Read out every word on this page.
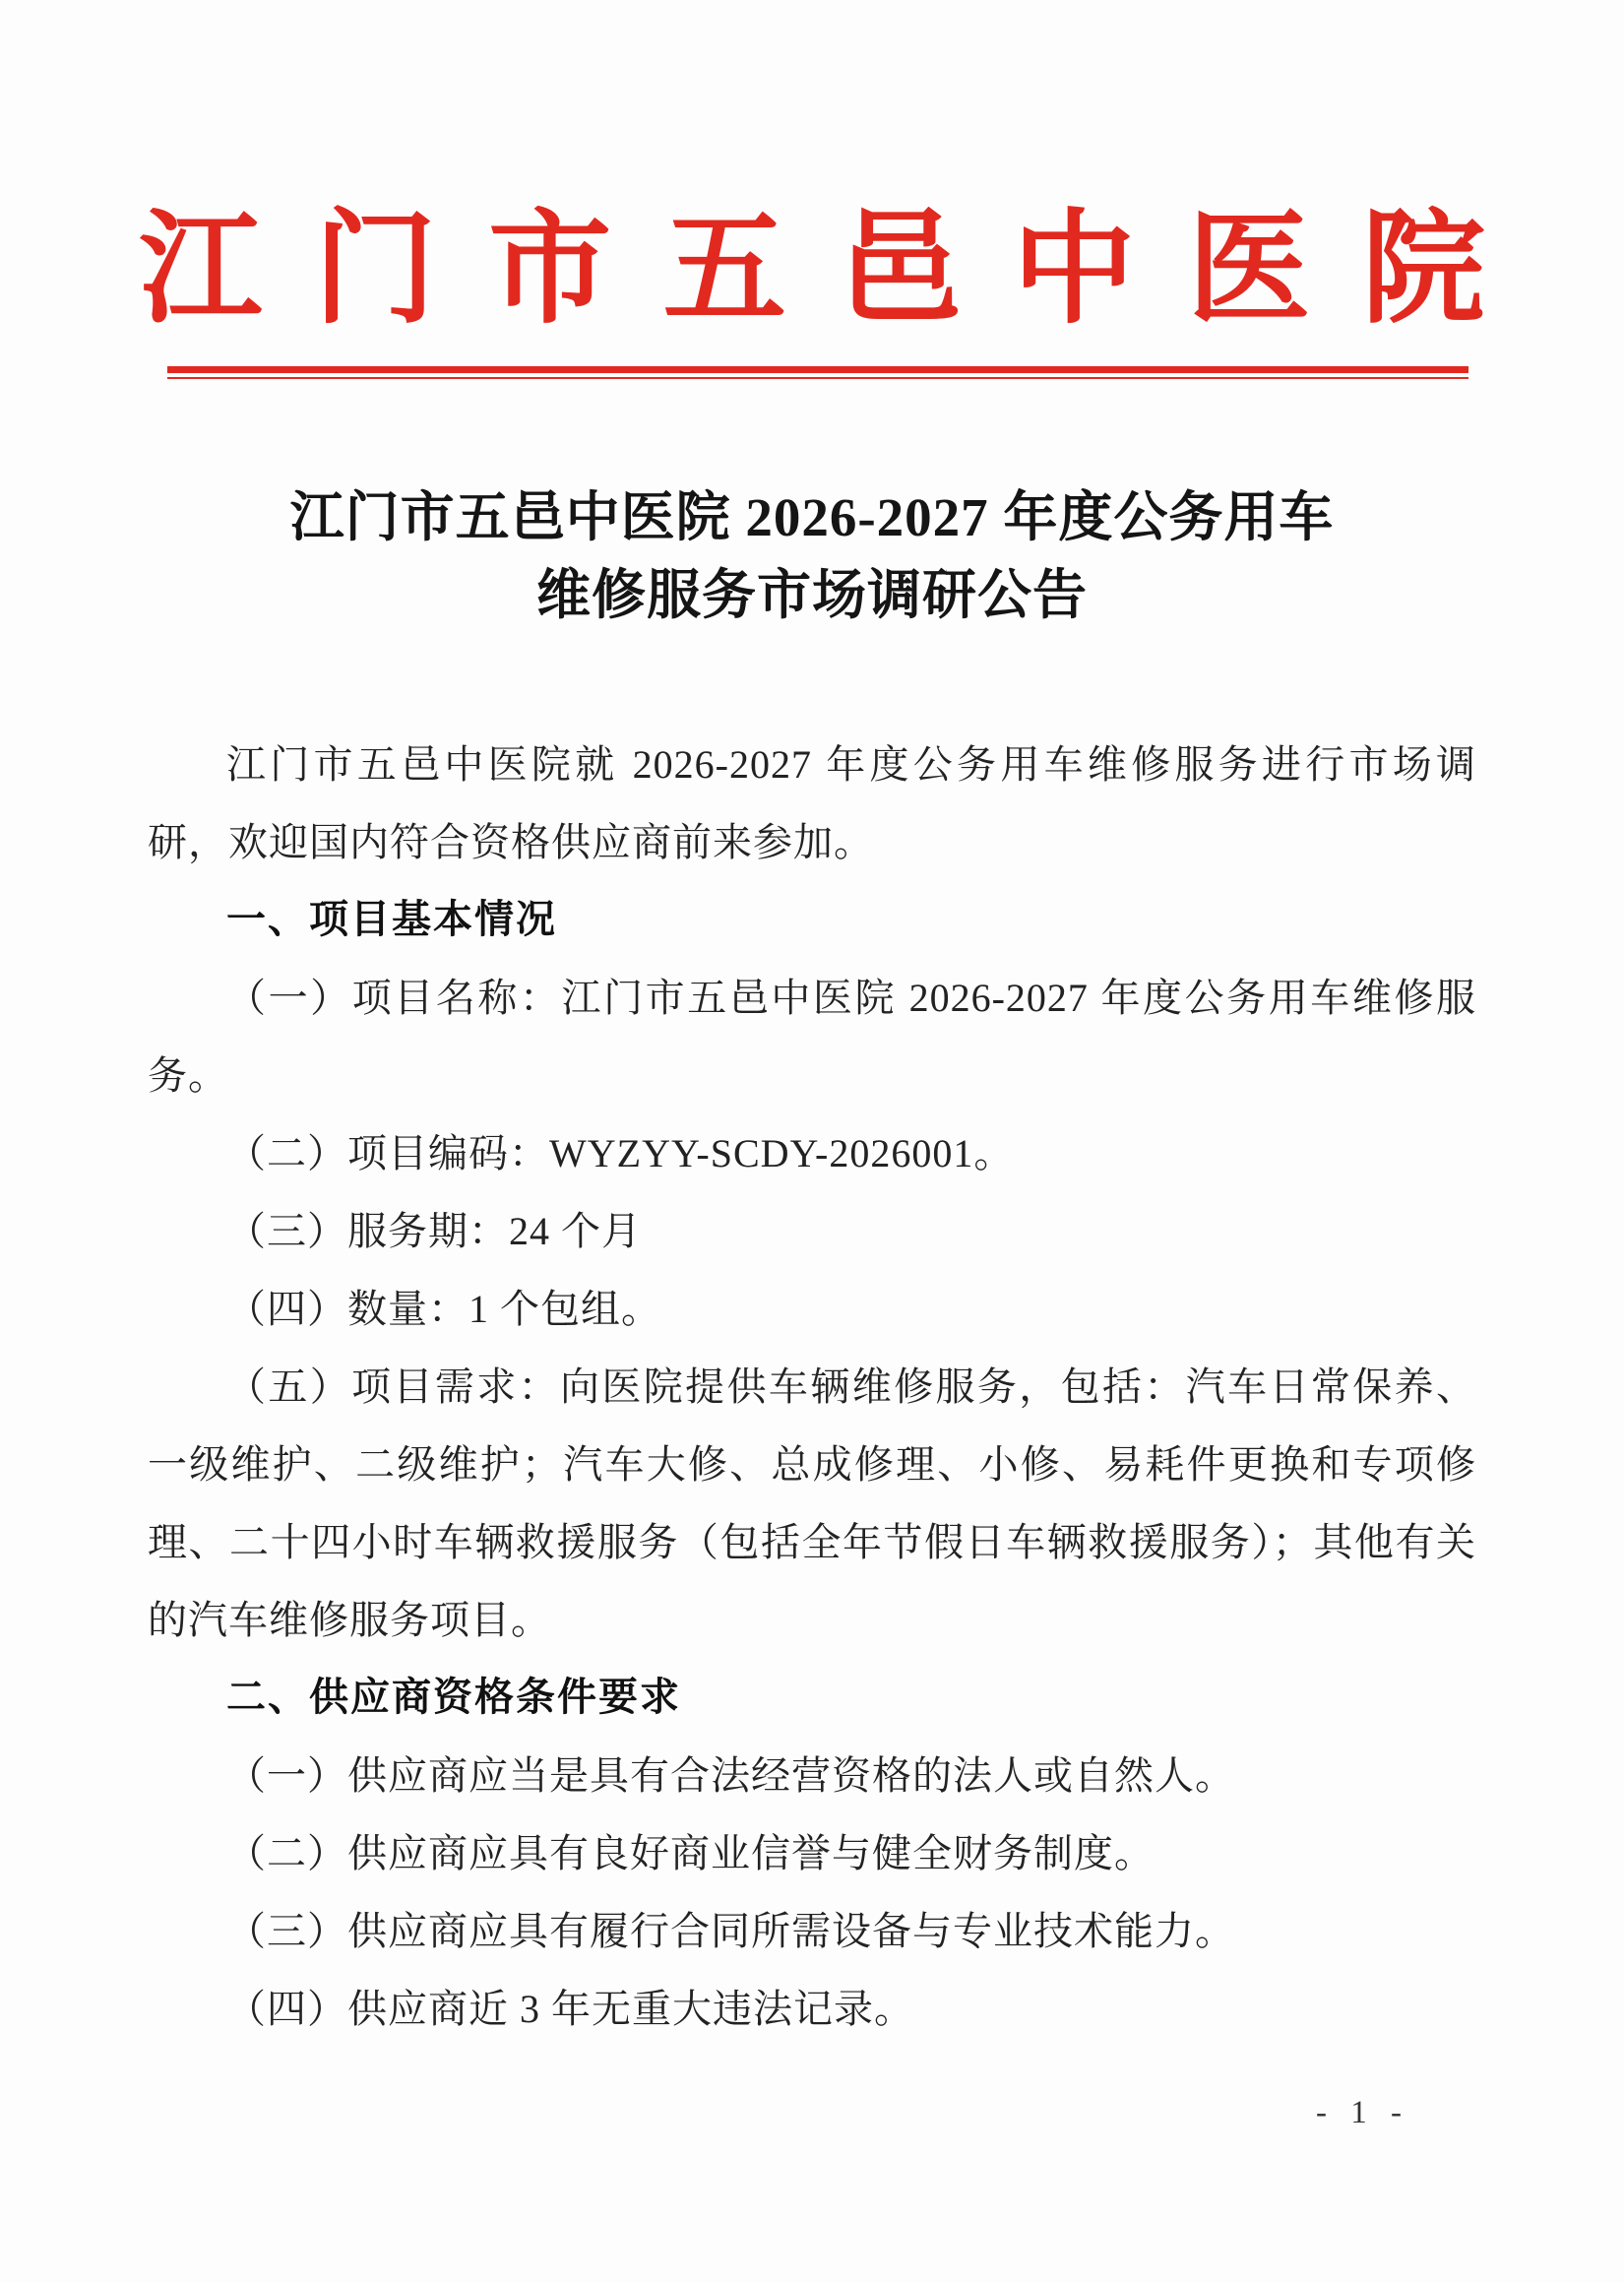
江门市五邑中医院
江门市五邑中医院 2026-2027 年度公务用车
维修服务市场调研公告

江门市五邑中医院就 2026-2027 年度公务用车维修服务进行市场调研，欢迎国内符合资格供应商前来参加。

一、项目基本情况

（一）项目名称：江门市五邑中医院 2026-2027 年度公务用车维修服务。

（二）项目编码：WYZYY-SCDY-2026001。

（三）服务期：24 个月

（四）数量：1 个包组。

（五）项目需求：向医院提供车辆维修服务，包括：汽车日常保养、一级维护、二级维护；汽车大修、总成修理、小修、易耗件更换和专项修理、二十四小时车辆救援服务（包括全年节假日车辆救援服务）；其他有关的汽车维修服务项目。

二、供应商资格条件要求

（一）供应商应当是具有合法经营资格的法人或自然人。

（二）供应商应具有良好商业信誉与健全财务制度。

（三）供应商应具有履行合同所需设备与专业技术能力。

（四）供应商近 3 年无重大违法记录。

- 1 -
